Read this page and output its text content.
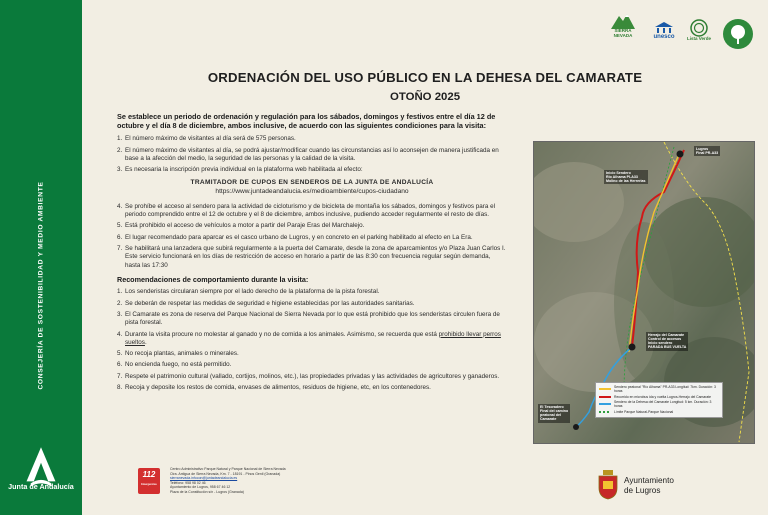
CONSEJERÍA DE SOSTENIBILIDAD Y MEDIO AMBIENTE
Junta de Andalucía
SIERRA
NEVADA	unesco	Lista Verde
ORDENACIÓN DEL USO PÚBLICO EN LA DEHESA DEL CAMARATE
OTOÑO 2025
Se establece un periodo de ordenación y regulación para los sábados, domingos y festivos entre el día 12 de octubre y el día 8 de diciembre, ambos inclusive, de acuerdo con las siguientes condiciones para la visita:
1. El número máximo de visitantes al día será de 575 personas.
2. El número máximo de visitantes al día, se podrá ajustar/modificar cuando las circunstancias así lo aconsejen de manera justificada en base a la afección del medio, la seguridad de las personas y la calidad de la visita.
3. Es necesaria la inscripción previa individual en la plataforma web habilitada al efecto:
TRAMITADOR DE CUPOS EN SENDEROS DE LA JUNTA DE ANDALUCÍA
https://www.juntadeandalucia.es/medioambiente/cupos-ciudadano
4. Se prohíbe el acceso al sendero para la actividad de cicloturismo y de bicicleta de montaña los sábados, domingos y festivos para el periodo comprendido entre el 12 de octubre y el 8 de diciembre, ambos inclusive, pudiendo acceder regularmente el resto de días.
5. Está prohibido el acceso de vehículos a motor a partir del Paraje Eras del Marchalejo.
6. El lugar recomendado para aparcar es el casco urbano de Lugros, y en concreto en el parking habilitado al efecto en La Era.
7. Se habilitará una lanzadera que subirá regularmente a la puerta del Camarate, desde la zona de aparcamientos y/o Plaza Juan Carlos I. Este servicio funcionará en los días de restricción de acceso en horario a partir de las 8:30 con frecuencia regular según demanda, hasta las 17:30
Recomendaciones de comportamiento durante la visita:
1. Los senderistas circularan siempre por el lado derecho de la plataforma de la pista forestal.
2. Se deberán de respetar las medidas de seguridad e higiene establecidas por las autoridades sanitarias.
3. El Camarate es zona de reserva del Parque Nacional de Sierra Nevada por lo que está prohibido que los senderistas circulen fuera de pista forestal.
4. Durante la visita procure no molestar al ganado y no de comida a los animales. Asimismo, se recuerda que está prohibido llevar perros sueltos.
5. No recoja plantas, animales o minerales.
6. No encienda fuego, no está permitido.
7. Respete el patrimonio cultural (vallado, cortijos, molinos, etc.), las propiedades privadas y las actividades de agricultores y ganaderos.
8. Recoja y deposite los restos de comida, envases de alimentos, residuos de higiene, etc, en los contenedores.
Lugros
Final PR-A33
Inicio Sendero
Río Alhama PI-A33
Molino de las Herrerias
Herrajo del Camarate
Control de accesos
Inicio sendero
PARADA BUS VUELTA
El Tesoradero
Final del camino
peatonal del
Camarate
Sendero peatonal "Río Alhama" PR-A33 Longitud: 7km. Duración: 3 horas
Recorrido en microbus ida y vuelta Lugros-Herrajo del Camarate
Sendero de la Dehesa del Camarate Longitud: 5 km. Duración: 3 horas
Límite Parque Natural-Parque Nacional
112
Emergencias
Centro Administrativo Parque Natural y Parque Nacional de Sierra Nevada
Ctra. Antigua de Sierra Nevada, Km. 7 - 18191 - Pinos Genil (Granada)
sierranevada.infocon@juntadeandalucia.es
Teléfono: 958 98 02 46
Ayuntamiento de Lugros, 958 67 46 12
Plaza de la Constitución s/n - Lugros (Granada)
Ayuntamiento
de Lugros
